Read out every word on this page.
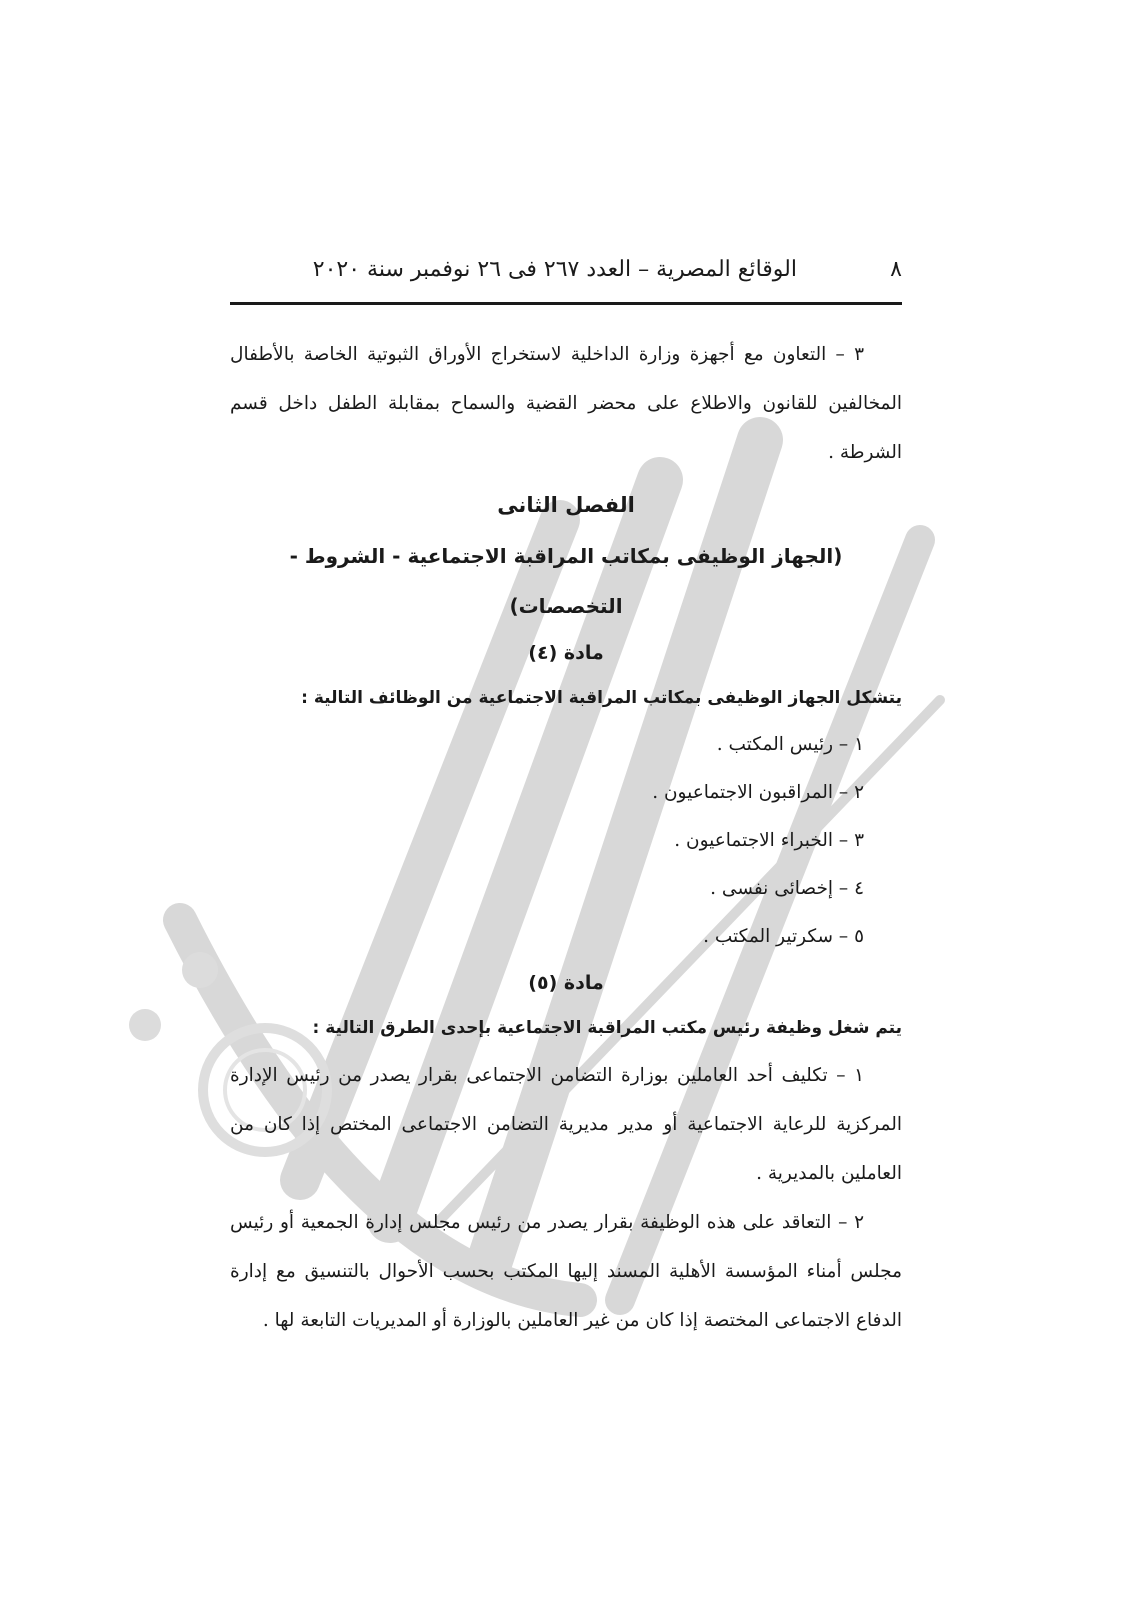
٨
الوقائع المصرية – العدد ٢٦٧ فى ٢٦ نوفمبر سنة ٢٠٢٠

٣ – التعاون مع أجهزة وزارة الداخلية لاستخراج الأوراق الثبوتية الخاصة بالأطفال المخالفين للقانون والاطلاع على محضر القضية والسماح بمقابلة الطفل داخل قسم الشرطة .

الفصل الثانى

(الجهاز الوظيفى بمكاتب المراقبة الاجتماعية - الشروط - التخصصات)

مادة (٤)

يتشكل الجهاز الوظيفى بمكاتب المراقبة الاجتماعية من الوظائف التالية :

١ – رئيس المكتب .
٢ – المراقبون الاجتماعيون .
٣ – الخبراء الاجتماعيون .
٤ – إخصائى نفسى .
٥ – سكرتير المكتب .

مادة (٥)

يتم شغل وظيفة رئيس مكتب المراقبة الاجتماعية بإحدى الطرق التالية :

١ – تكليف أحد العاملين بوزارة التضامن الاجتماعى بقرار يصدر من رئيس الإدارة المركزية للرعاية الاجتماعية أو مدير مديرية التضامن الاجتماعى المختص إذا كان من العاملين بالمديرية .

٢ – التعاقد على هذه الوظيفة بقرار يصدر من رئيس مجلس إدارة الجمعية أو رئيس مجلس أمناء المؤسسة الأهلية المسند إليها المكتب بحسب الأحوال بالتنسيق مع إدارة الدفاع الاجتماعى المختصة إذا كان من غير العاملين بالوزارة أو المديريات التابعة لها .
